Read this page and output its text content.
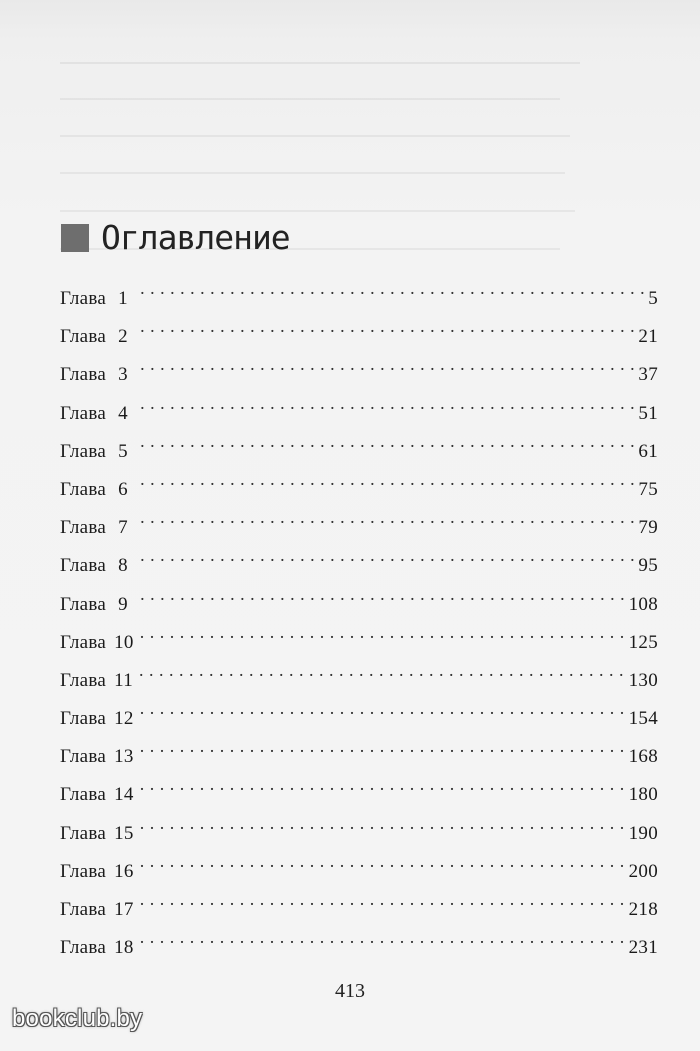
Оглавление
Глава 1 . . .	5
Глава 2 . . .	21
Глава 3 . . .	37
Глава 4 . . .	51
Глава 5 . . .	61
Глава 6 . . .	75
Глава 7 . . .	79
Глава 8 . . .	95
Глава 9 . . .	108
Глава 10 . . .	125
Глава 11 . . .	130
Глава 12 . . .	154
Глава 13 . . .	168
Глава 14 . . .	180
Глава 15 . . .	190
Глава 16 . . .	200
Глава 17 . . .	218
Глава 18 . . .	231
413
bookclub.by
